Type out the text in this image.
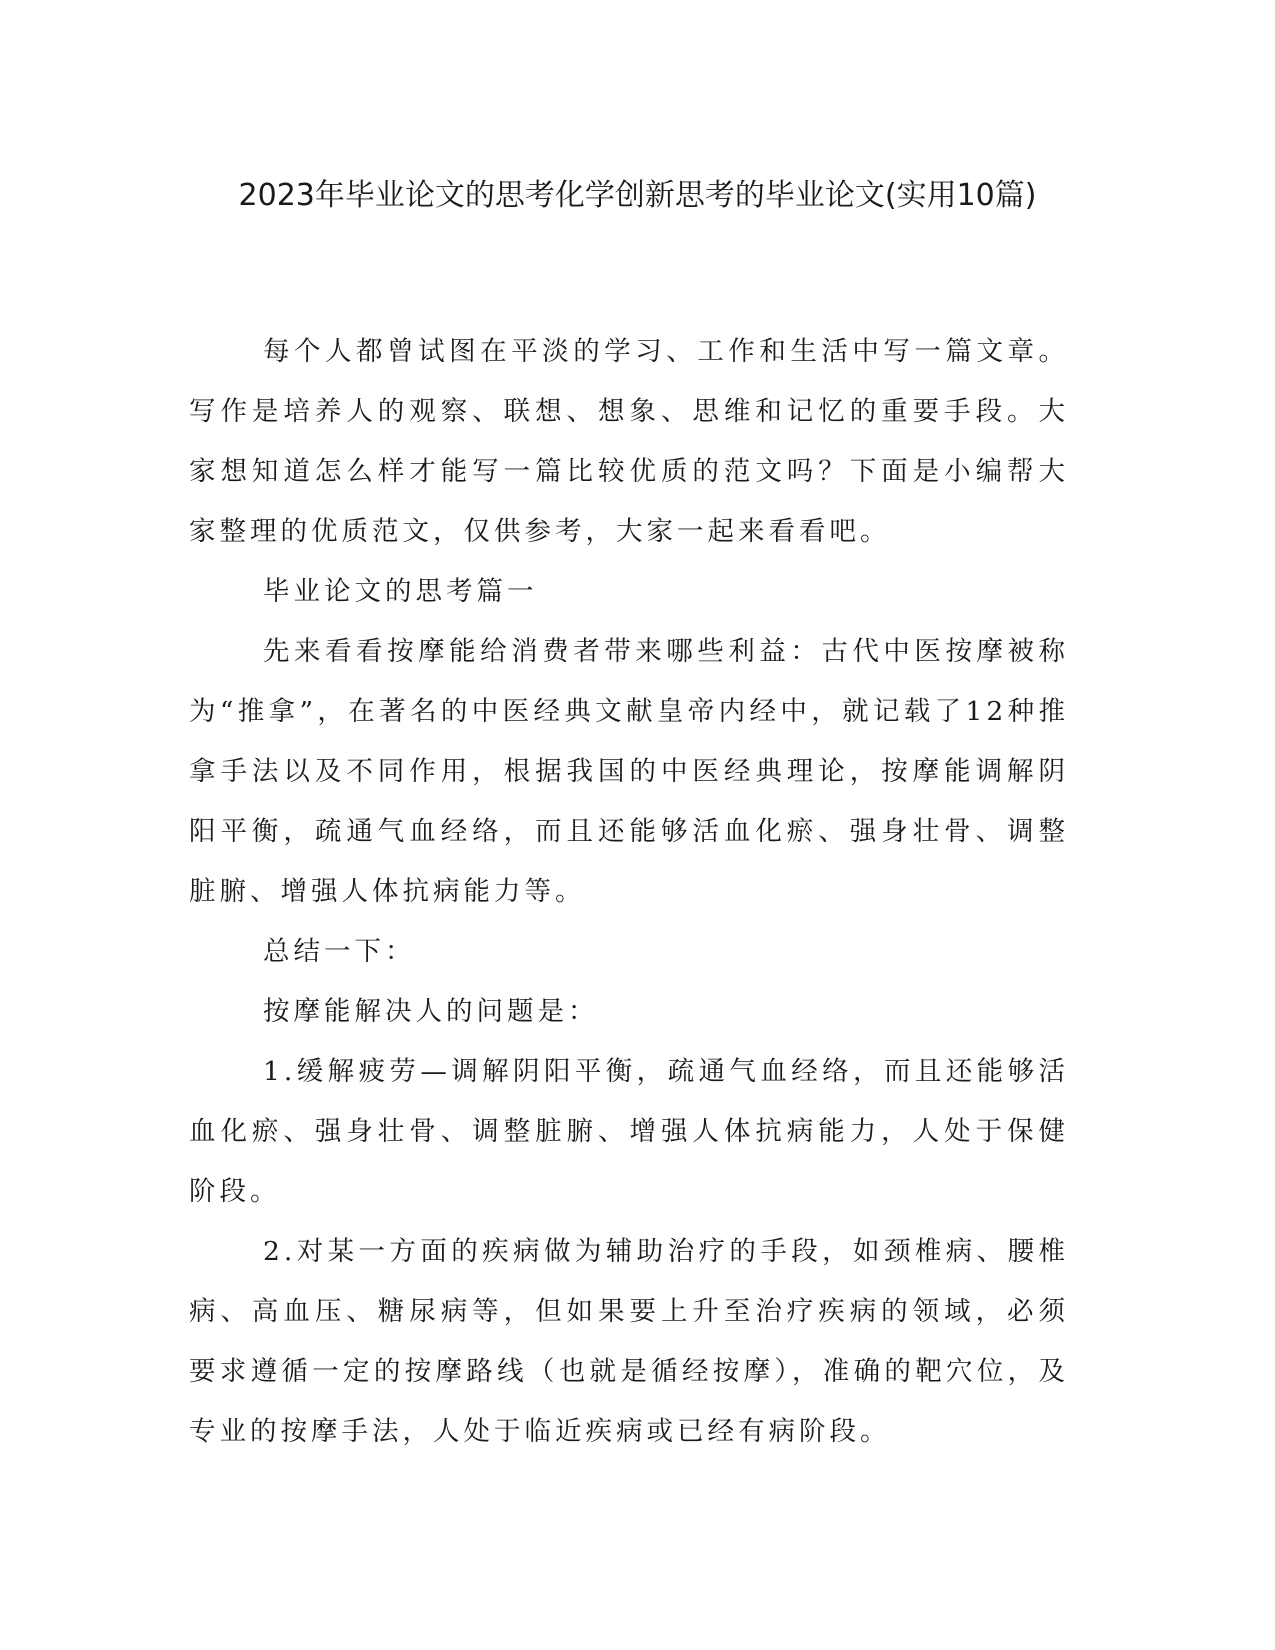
2023年毕业论文的思考化学创新思考的毕业论文(实用10篇)

每个人都曾试图在平淡的学习、工作和生活中写一篇文章。写作是培养人的观察、联想、想象、思维和记忆的重要手段。大家想知道怎么样才能写一篇比较优质的范文吗？下面是小编帮大家整理的优质范文，仅供参考，大家一起来看看吧。

毕业论文的思考篇一

先来看看按摩能给消费者带来哪些利益：古代中医按摩被称为“推拿”，在著名的中医经典文献皇帝内经中，就记载了12种推拿手法以及不同作用，根据我国的中医经典理论，按摩能调解阴阳平衡，疏通气血经络，而且还能够活血化瘀、强身壮骨、调整脏腑、增强人体抗病能力等。

总结一下：

按摩能解决人的问题是：

1.缓解疲劳—调解阴阳平衡，疏通气血经络，而且还能够活血化瘀、强身壮骨、调整脏腑、增强人体抗病能力，人处于保健阶段。

2.对某一方面的疾病做为辅助治疗的手段，如颈椎病、腰椎病、高血压、糖尿病等，但如果要上升至治疗疾病的领域，必须要求遵循一定的按摩路线（也就是循经按摩），准确的靶穴位，及专业的按摩手法，人处于临近疾病或已经有病阶段。
